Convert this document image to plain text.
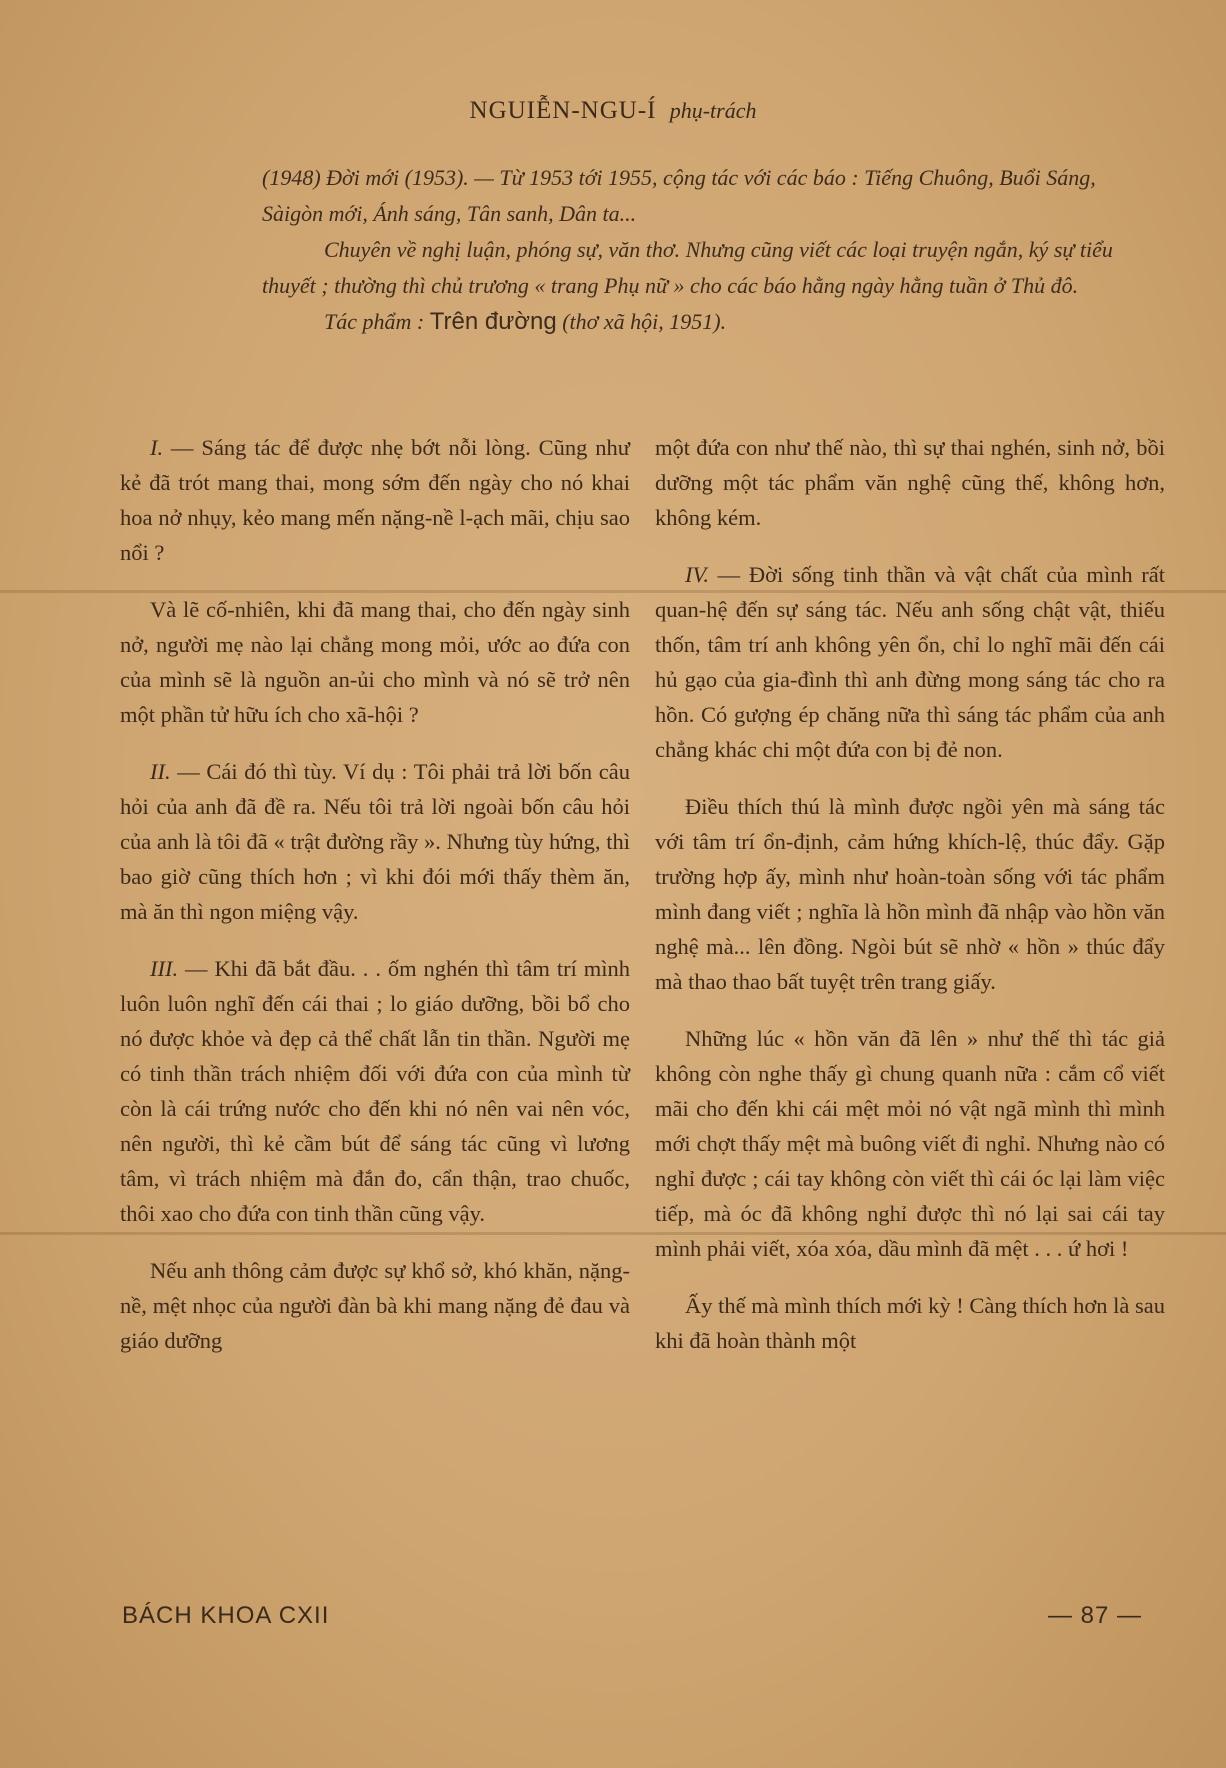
NGUIỄN-NGU-Í phụ-trách

(1948) Đời mới (1953). — Từ 1953 tới 1955, cộng tác với các báo : Tiếng Chuông, Buổi Sáng, Sàigòn mới, Ánh sáng, Tân sanh, Dân ta...

Chuyên về nghị luận, phóng sự, văn thơ. Nhưng cũng viết các loại truyện ngắn, ký sự tiểu thuyết ; thường thì chủ trương « trang Phụ nữ » cho các báo hằng ngày hằng tuần ở Thủ đô.

Tác phẩm : Trên đường (thơ xã hội, 1951).

I. — Sáng tác để được nhẹ bớt nỗi lòng. Cũng như kẻ đã trót mang thai, mong sớm đến ngày cho nó khai hoa nở nhụy, kẻo mang mến nặng-nề l-ạch mãi, chịu sao nổi ?

Và lẽ cố-nhiên, khi đã mang thai, cho đến ngày sinh nở, người mẹ nào lại chẳng mong mỏi, ước ao đứa con của mình sẽ là nguồn an-ủi cho mình và nó sẽ trở nên một phần tử hữu ích cho xã-hội ?

II. — Cái đó thì tùy. Ví dụ : Tôi phải trả lời bốn câu hỏi của anh đã đề ra. Nếu tôi trả lời ngoài bốn câu hỏi của anh là tôi đã « trật đường rầy ». Nhưng tùy hứng, thì bao giờ cũng thích hơn ; vì khi đói mới thấy thèm ăn, mà ăn thì ngon miệng vậy.

III. — Khi đã bắt đầu. . . ốm nghén thì tâm trí mình luôn luôn nghĩ đến cái thai ; lo giáo dưỡng, bồi bổ cho nó được khỏe và đẹp cả thể chất lẫn tin thần. Người mẹ có tinh thần trách nhiệm đối với đứa con của mình từ còn là cái trứng nước cho đến khi nó nên vai nên vóc, nên người, thì kẻ cầm bút để sáng tác cũng vì lương tâm, vì trách nhiệm mà đắn đo, cẩn thận, trao chuốc, thôi xao cho đứa con tinh thần cũng vậy.

Nếu anh thông cảm được sự khổ sở, khó khăn, nặng-nề, mệt nhọc của người đàn bà khi mang nặng đẻ đau và giáo dưỡng

một đứa con như thế nào, thì sự thai nghén, sinh nở, bồi dưỡng một tác phẩm văn nghệ cũng thế, không hơn, không kém.

IV. — Đời sống tinh thần và vật chất của mình rất quan-hệ đến sự sáng tác. Nếu anh sống chật vật, thiếu thốn, tâm trí anh không yên ổn, chỉ lo nghĩ mãi đến cái hủ gạo của gia-đình thì anh đừng mong sáng tác cho ra hồn. Có gượng ép chăng nữa thì sáng tác phẩm của anh chẳng khác chi một đứa con bị đẻ non.

Điều thích thú là mình được ngồi yên mà sáng tác với tâm trí ổn-định, cảm hứng khích-lệ, thúc đẩy. Gặp trường hợp ấy, mình như hoàn-toàn sống với tác phẩm mình đang viết ; nghĩa là hồn mình đã nhập vào hồn văn nghệ mà... lên đồng. Ngòi bút sẽ nhờ « hồn » thúc đẩy mà thao thao bất tuyệt trên trang giấy.

Những lúc « hồn văn đã lên » như thế thì tác giả không còn nghe thấy gì chung quanh nữa : cắm cổ viết mãi cho đến khi cái mệt mỏi nó vật ngã mình thì mình mới chợt thấy mệt mà buông viết đi nghỉ. Nhưng nào có nghỉ được ; cái tay không còn viết thì cái óc lại làm việc tiếp, mà óc đã không nghỉ được thì nó lại sai cái tay mình phải viết, xóa xóa, dầu mình đã mệt . . . ứ hơi !

Ấy thế mà mình thích mới kỳ ! Càng thích hơn là sau khi đã hoàn thành một

BÁCH KHOA CXII	— 87 —
